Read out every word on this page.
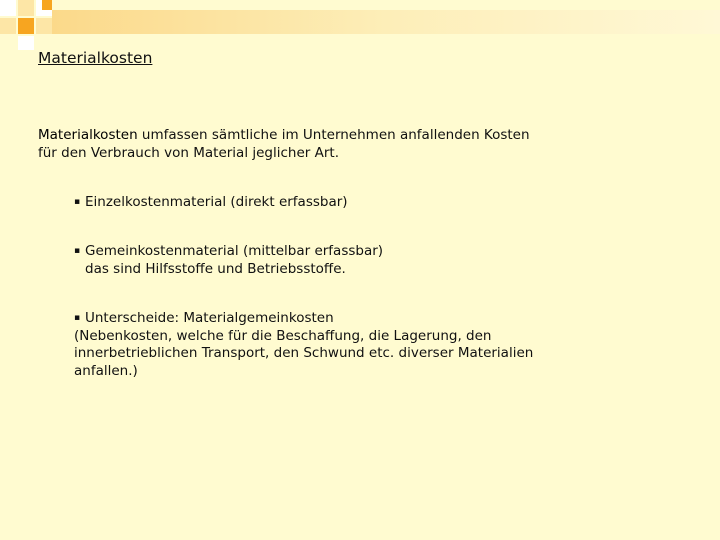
Materialkosten

Materialkosten umfassen sämtliche im Unternehmen anfallenden Kosten
für den Verbrauch von Material jeglicher Art.

▪ Einzelkostenmaterial (direkt erfassbar)

▪ Gemeinkostenmaterial (mittelbar erfassbar)

das sind Hilfsstoffe und Betriebsstoffe.

▪ Unterscheide: Materialgemeinkosten
(Nebenkosten, welche für die Beschaffung, die Lagerung, den
innerbetrieblichen Transport, den Schwund etc. diverser Materialien
anfallen.)
